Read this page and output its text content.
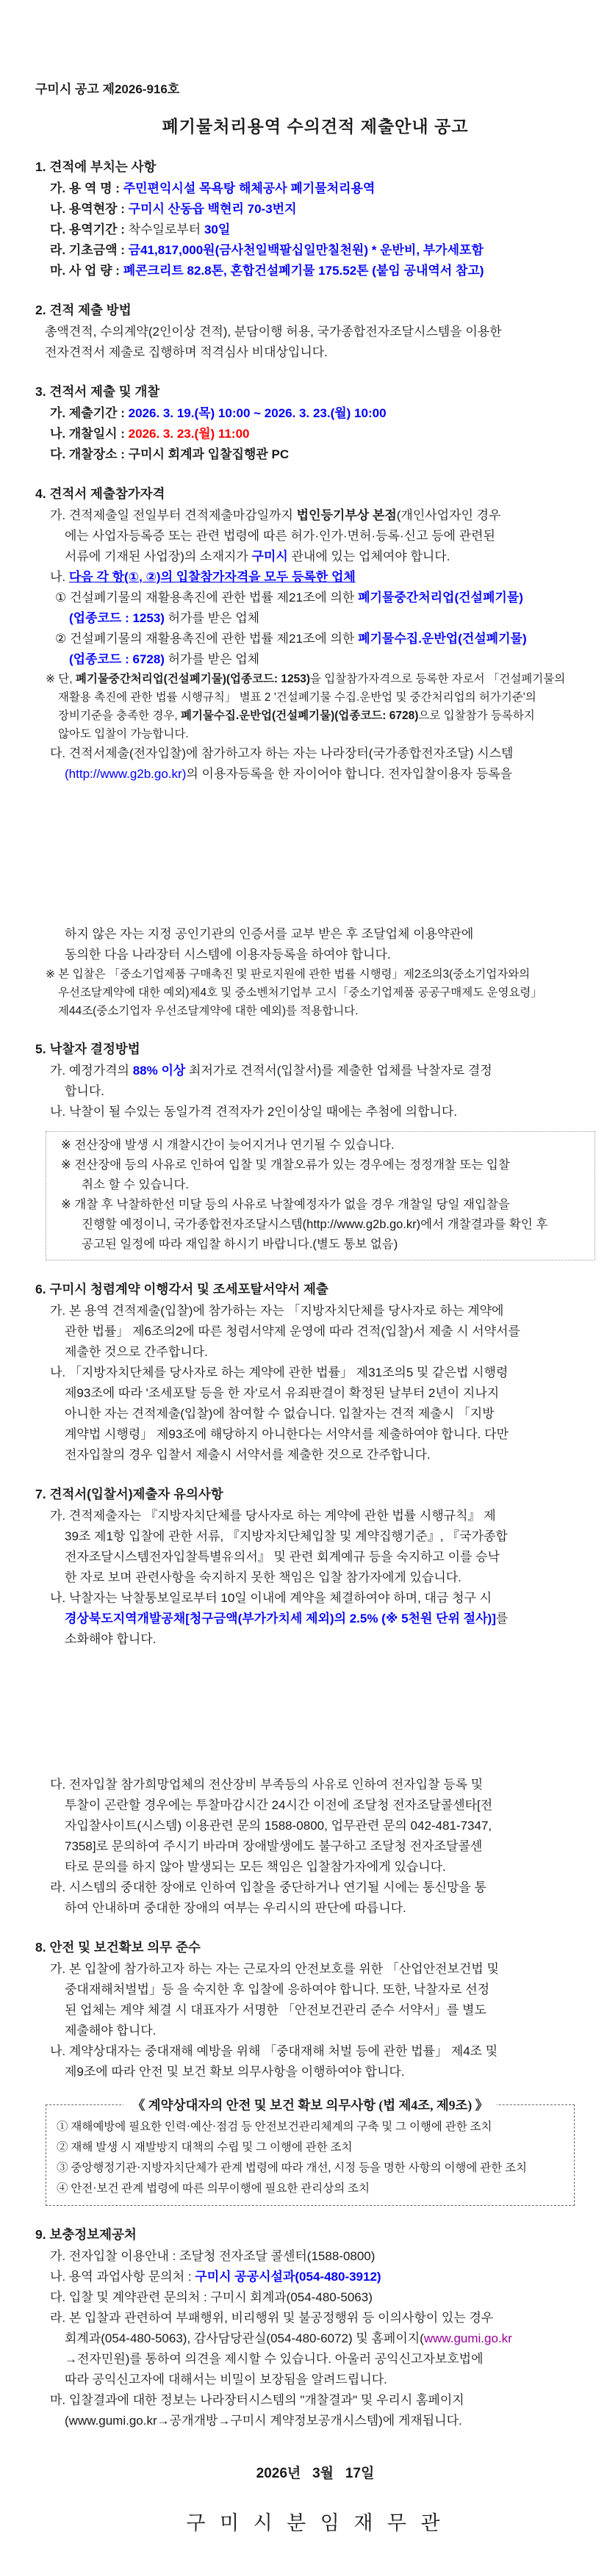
구미시 공고 제2026-916호
폐기물처리용역 수의견적 제출안내 공고
1. 견적에 부치는 사항
가. 용 역 명 : 주민편익시설 목욕탕 해체공사 폐기물처리용역
나. 용역현장 : 구미시 산동읍 백현리 70-3번지
다. 용역기간 : 착수일로부터 30일
라. 기초금액 : 금41,817,000원(금사천일백팔십일만칠천원) * 운반비, 부가세포함
마. 사 업 량 : 폐콘크리트 82.8톤, 혼합건설폐기물 175.52톤 (붙임 공내역서 참고)
2. 견적 제출 방법
총액견적, 수의계약(2인이상 견적), 분담이행 허용, 국가종합전자조달시스템을 이용한
전자견적서 제출로 집행하며 적격심사 비대상입니다.
3. 견적서 제출 및 개찰
가. 제출기간 : 2026. 3. 19.(목) 10:00 ~ 2026. 3. 23.(월) 10:00
나. 개찰일시 : 2026. 3. 23.(월) 11:00
다. 개찰장소 : 구미시 회계과 입찰집행관 PC
4. 견적서 제출참가자격
가. 견적제출일 전일부터 견적제출마감일까지 법인등기부상 본점(개인사업자인 경우
에는 사업자등록증 또는 관련 법령에 따른 허가·인가·면허·등록·신고 등에 관련된
서류에 기재된 사업장)의 소재지가 구미시 관내에 있는 업체여야 합니다.
나. 다음 각 항(①, ②)의 입찰참가자격을 모두 등록한 업체
① 건설폐기물의 재활용촉진에 관한 법률 제21조에 의한 폐기물중간처리업(건설폐기물)
(업종코드 : 1253) 허가를 받은 업체
② 건설폐기물의 재활용촉진에 관한 법률 제21조에 의한 폐기물수집.운반업(건설폐기물)
(업종코드 : 6728) 허가를 받은 업체
※ 단, 폐기물중간처리업(건설폐기물)(업종코드: 1253)을 입찰참가자격으로 등록한 자로서 「건설폐기물의
재활용 촉진에 관한 법률 시행규칙」 별표 2 '건설폐기물 수집.운반업 및 중간처리업의 허가기준'의
장비기준을 충족한 경우, 폐기물수집.운반업(건설폐기물)(업종코드: 6728)으로 입찰참가 등록하지
않아도 입찰이 가능합니다.
다. 견적서제출(전자입찰)에 참가하고자 하는 자는 나라장터(국가종합전자조달) 시스템
(http://www.g2b.go.kr)의 이용자등록을 한 자이어야 합니다. 전자입찰이용자 등록을
하지 않은 자는 지정 공인기관의 인증서를 교부 받은 후 조달업체 이용약관에
동의한 다음 나라장터 시스템에 이용자등록을 하여야 합니다.
※ 본 입찰은 「중소기업제품 구매촉진 및 판로지원에 관한 법률 시행령」제2조의3(중소기업자와의
우선조달계약에 대한 예외)제4호 및 중소벤처기업부 고시「중소기업제품 공공구매제도 운영요령」
제44조(중소기업자 우선조달계약에 대한 예외)를 적용합니다.
5. 낙찰자 결정방법
가. 예정가격의 88% 이상 최저가로 견적서(입찰서)를 제출한 업체를 낙찰자로 결정
합니다.
나. 낙찰이 될 수있는 동일가격 견적자가 2인이상일 때에는 추첨에 의합니다.
※ 전산장애 발생 시 개찰시간이 늦어지거나 연기될 수 있습니다.
※ 전산장애 등의 사유로 인하여 입찰 및 개찰오류가 있는 경우에는 정정개찰 또는 입찰
취소 할 수 있습니다.
※ 개찰 후 낙찰하한선 미달 등의 사유로 낙찰예정자가 없을 경우 개찰일 당일 재입찰을
진행할 예정이니, 국가종합전자조달시스템(http://www.g2b.go.kr)에서 개찰결과를 확인 후
공고된 일정에 따라 재입찰 하시기 바랍니다.(별도 통보 없음)
6. 구미시 청렴계약 이행각서 및 조세포탈서약서 제출
가. 본 용역 견적제출(입찰)에 참가하는 자는 「지방자치단체를 당사자로 하는 계약에
관한 법률」 제6조의2에 따른 청렴서약제 운영에 따라 견적(입찰)서 제출 시 서약서를
제출한 것으로 간주합니다.
나. 「지방자치단체를 당사자로 하는 계약에 관한 법률」 제31조의5 및 같은법 시행령
제93조에 따라 '조세포탈 등을 한 자'로서 유죄판결이 확정된 날부터 2년이 지나지
아니한 자는 견적제출(입찰)에 참여할 수 없습니다. 입찰자는 견적 제출시 「지방
계약법 시행령」 제93조에 해당하지 아니한다는 서약서를 제출하여야 합니다. 다만
전자입찰의 경우 입찰서 제출시 서약서를 제출한 것으로 간주합니다.
7. 견적서(입찰서)제출자 유의사항
가. 견적제출자는 『지방자치단체를 당사자로 하는 계약에 관한 법률 시행규칙』 제
39조 제1항 입찰에 관한 서류, 『지방자치단체입찰 및 계약집행기준』, 『국가종합
전자조달시스템전자입찰특별유의서』 및 관련 회계예규 등을 숙지하고 이를 승낙
한 자로 보며 관련사항을 숙지하지 못한 책임은 입찰 참가자에게 있습니다.
나. 낙찰자는 낙찰통보일로부터 10일 이내에 계약을 체결하여야 하며, 대금 청구 시
경상북도지역개발공채[청구금액(부가가치세 제외)의 2.5% (※ 5천원 단위 절사)]를
소화해야 합니다.
다. 전자입찰 참가희망업체의 전산장비 부족등의 사유로 인하여 전자입찰 등록 및
투찰이 곤란할 경우에는 투찰마감시간 24시간 이전에 조달청 전자조달콜센타[전
자입찰사이트(시스템) 이용관련 문의 1588-0800, 업무관련 문의 042-481-7347,
7358]로 문의하여 주시기 바라며 장애발생에도 불구하고 조달청 전자조달콜센
타로 문의를 하지 않아 발생되는 모든 책임은 입찰참가자에게 있습니다.
라. 시스템의 중대한 장애로 인하여 입찰을 중단하거나 연기될 시에는 통신망을 통
하여 안내하며 중대한 장애의 여부는 우리시의 판단에 따릅니다.
8. 안전 및 보건확보 의무 준수
가. 본 입찰에 참가하고자 하는 자는 근로자의 안전보호를 위한 「산업안전보건법 및
중대재해처벌법」등 을 숙지한 후 입찰에 응하여야 합니다. 또한, 낙찰자로 선정
된 업체는 계약 체결 시 대표자가 서명한 「안전보건관리 준수 서약서」를 별도
제출해야 합니다.
나. 계약상대자는 중대재해 예방을 위해 「중대재해 처벌 등에 관한 법률」 제4조 및
제9조에 따라 안전 및 보건 확보 의무사항을 이행하여야 합니다.
《 계약상대자의 안전 및 보건 확보 의무사항 (법 제4조, 제9조) 》
① 재해예방에 필요한 인력·예산·점검 등 안전보건관리체계의 구축 및 그 이행에 관한 조치
② 재해 발생 시 재발방지 대책의 수립 및 그 이행에 관한 조치
③ 중앙행정기관·지방자치단체가 관계 법령에 따라 개선, 시정 등을 명한 사항의 이행에 관한 조치
④ 안전·보건 관계 법령에 따른 의무이행에 필요한 관리상의 조치
9. 보충정보제공처
가. 전자입찰 이용안내 : 조달청 전자조달 콜센터(1588-0800)
나. 용역 과업사항 문의처 : 구미시 공공시설과(054-480-3912)
다. 입찰 및 계약관련 문의처 : 구미시 회계과(054-480-5063)
라. 본 입찰과 관련하여 부패행위, 비리행위 및 불공정행위 등 이의사항이 있는 경우
회계과(054-480-5063), 감사담당관실(054-480-6072) 및 홈페이지(www.gumi.go.kr
→전자민원)를 통하여 의견을 제시할 수 있습니다. 아울러 공익신고자보호법에
따라 공익신고자에 대해서는 비밀이 보장됨을 알려드립니다.
마. 입찰결과에 대한 정보는 나라장터시스템의 "개찰결과" 및 우리시 홈페이지
(www.gumi.go.kr→공개개방→구미시 계약정보공개시스템)에 게재됩니다.
2026년   3월   17일
구 미 시 분 임 재 무 관
